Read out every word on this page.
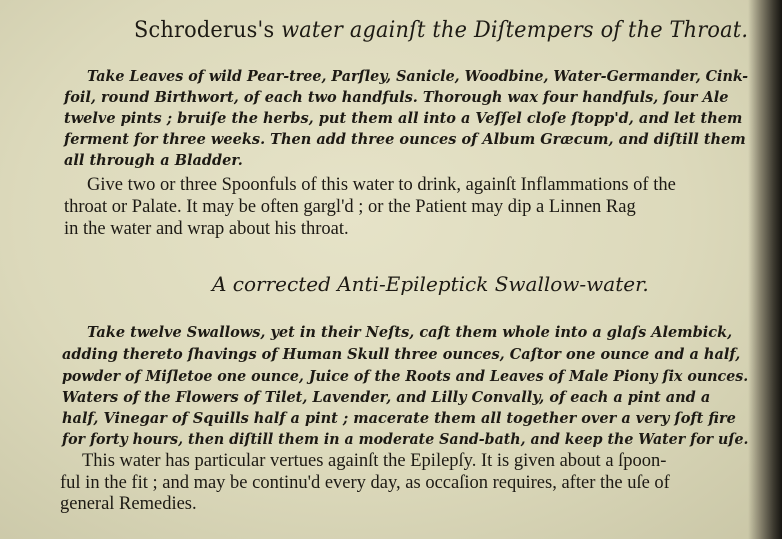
Schroderus's water againſt the Diſtempers of the Throat.
Take Leaves of wild Pear-tree, Parſley, Sanicle, Woodbine, Water-Germander, Cink-
foil, round Birthwort, of each two handfuls. Thorough wax four handfuls, ſour Ale
twelve pints ; bruiſe the herbs, put them all into a Veſſel cloſe ſtopp'd, and let them
ferment for three weeks. Then add three ounces of Album Græcum, and diſtill them
all through a Bladder.
Give two or three Spoonfuls of this water to drink, againſt Inflammations of the
throat or Palate. It may be often gargl'd ; or the Patient may dip a Linnen Rag
in the water and wrap about his throat.
A corrected Anti-Epileptick Swallow-water.
Take twelve Swallows, yet in their Neſts, caſt them whole into a glaſs Alembick,
adding thereto ſhavings of Human Skull three ounces, Caſtor one ounce and a half,
powder of Miſletoe one ounce, Juice of the Roots and Leaves of Male Piony ſix ounces.
Waters of the Flowers of Tilet, Lavender, and Lilly Convally, of each a pint and a
half, Vinegar of Squills half a pint ; macerate them all together over a very ſoft fire
for forty hours, then diſtill them in a moderate Sand-bath, and keep the Water for uſe.
This water has particular vertues againſt the Epilepſy. It is given about a ſpoon-
ful in the fit ; and may be continu'd every day, as occaſion requires, after the uſe of
general Remedies.
